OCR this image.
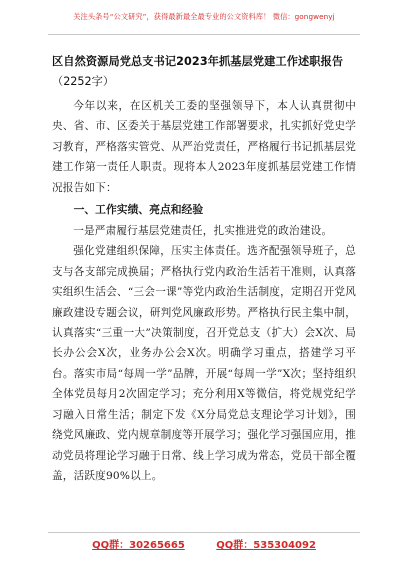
关注头条号“公文研究”，获得最新最全最专业的公文资料库！ 微信：gongwenyj
区自然资源局党总支书记2023年抓基层党建工作述职报告
（2252字）

今年以来，在区机关工委的坚强领导下，本人认真贯彻中央、省、市、区委关于基层党建工作部署要求，扎实抓好党史学习教育，严格落实管党、从严治党责任，严格履行书记抓基层党建工作第一责任人职责。现将本人2023年度抓基层党建工作情况报告如下：

一、工作实绩、亮点和经验

一是严肃履行基层党建责任，扎实推进党的政治建设。

强化党建组织保障，压实主体责任。选齐配强领导班子，总支与各支部完成换届；严格执行党内政治生活若干准则，认真落实组织生活会、“三会一课”等党内政治生活制度，定期召开党风廉政建设专题会议，研判党风廉政形势。严格执行民主集中制，认真落实“三重一大”决策制度，召开党总支（扩大）会X次、局长办公会X次，业务办公会X次。明确学习重点，搭建学习平台。落实市局“每周一学”品牌，开展“每周一学”X次；坚持组织全体党员每月2次固定学习；充分利用X等微信，将党规党纪学习融入日常生活；制定下发《X分局党总支理论学习计划》，围绕党风廉政、党内规章制度等开展学习；强化学习强国应用，推动党员将理论学习融于日常、线上学习成为常态，党员干部全覆盖，活跃度90%以上。

QQ群：30265665	QQ群：535304092
